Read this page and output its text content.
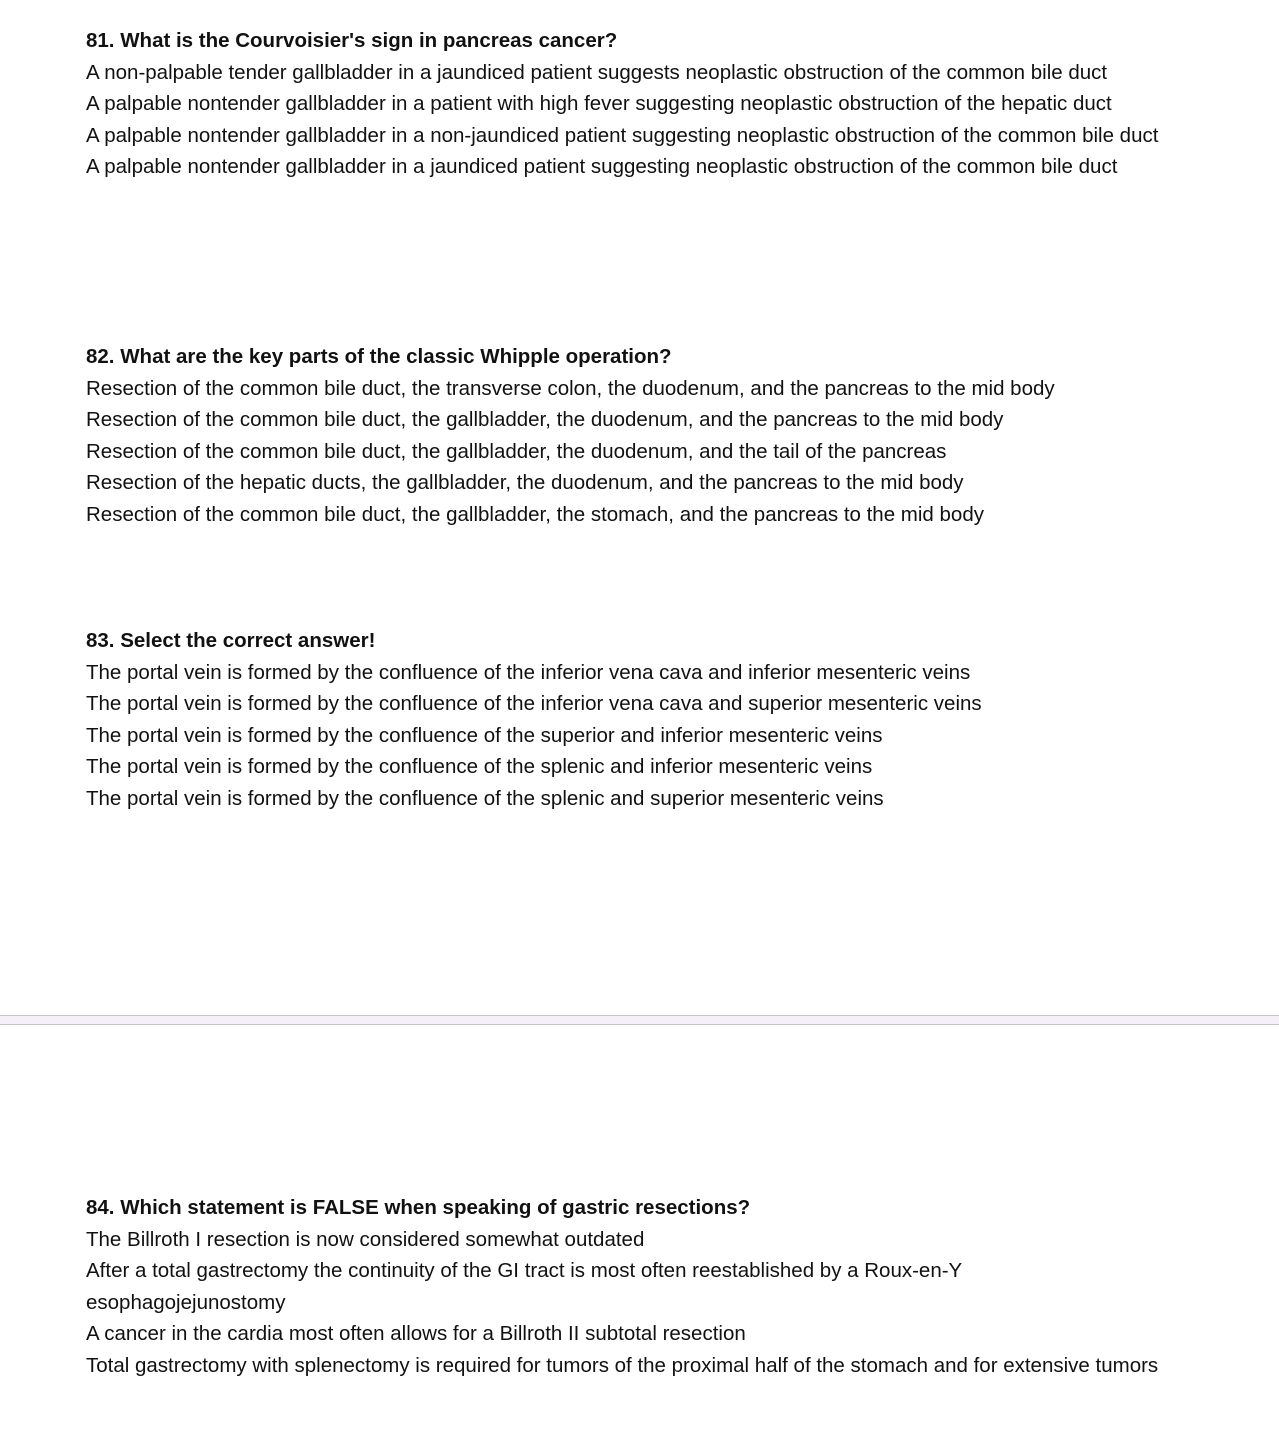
81. What is the Courvoisier's sign in pancreas cancer?

A non-palpable tender gallbladder in a jaundiced patient suggests neoplastic obstruction of the common bile duct

A palpable nontender gallbladder in a patient with high fever suggesting neoplastic obstruction of the hepatic duct

A palpable nontender gallbladder in a non-jaundiced patient suggesting neoplastic obstruction of the common bile duct

A palpable nontender gallbladder in a jaundiced patient suggesting neoplastic obstruction of the common bile duct

82. What are the key parts of the classic Whipple operation?

Resection of the common bile duct, the transverse colon, the duodenum, and the pancreas to the mid body

Resection of the common bile duct, the gallbladder, the duodenum, and the pancreas to the mid body

Resection of the common bile duct, the gallbladder, the duodenum, and the tail of the pancreas

Resection of the hepatic ducts, the gallbladder, the duodenum, and the pancreas to the mid body

Resection of the common bile duct, the gallbladder, the stomach, and the pancreas to the mid body

83. Select the correct answer!

The portal vein is formed by the confluence of the inferior vena cava and inferior mesenteric veins

The portal vein is formed by the confluence of the inferior vena cava and superior mesenteric veins

The portal vein is formed by the confluence of the superior and inferior mesenteric veins

The portal vein is formed by the confluence of the splenic and inferior mesenteric veins

The portal vein is formed by the confluence of the splenic and superior mesenteric veins

84. Which statement is FALSE when speaking of gastric resections?

The Billroth I resection is now considered somewhat outdated

After a total gastrectomy the continuity of the GI tract is most often reestablished by a Roux-en-Y esophagojejunostomy

A cancer in the cardia most often allows for a Billroth II subtotal resection

Total gastrectomy with splenectomy is required for tumors of the proximal half of the stomach and for extensive tumors
